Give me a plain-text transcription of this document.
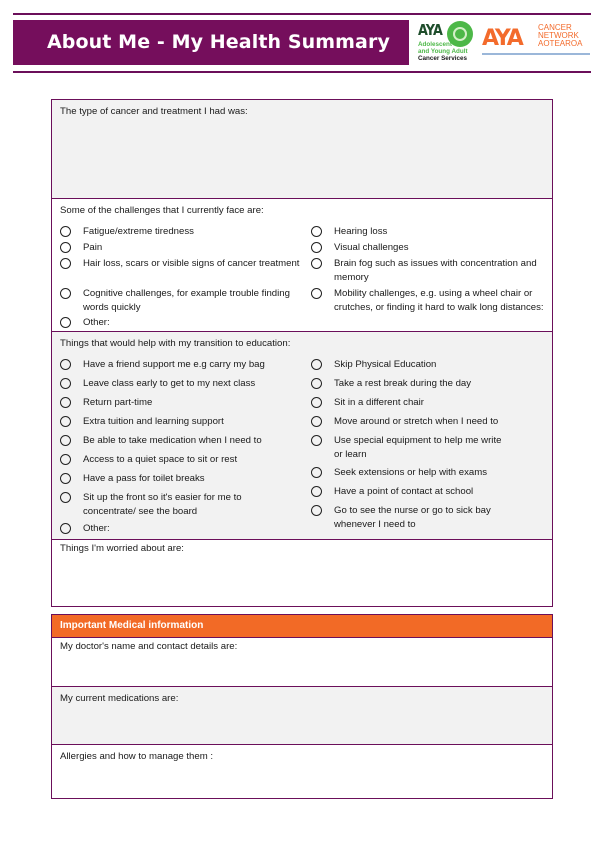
About Me - My Health Summary
AYA
Adolescent
and Young Adult
Cancer Services
AYA CANCER
NETWORK
AOTEAROA
The type of cancer and treatment I had was:
Some of the challenges that I currently face are:
Fatigue/extreme tiredness
Pain
Hair loss, scars or visible signs of cancer treatment
Cognitive challenges, for example trouble finding words quickly
Other:
Hearing loss
Visual challenges
Brain fog such as issues with concentration and memory
Mobility challenges, e.g. using a wheel chair or crutches, or finding it hard to walk long distances:
Things that would help with my transition to education:
Have a friend support me e.g carry my bag
Leave class early to get to my next class
Return part-time
Extra tuition and learning support
Be able to take medication when I need to
Access to a quiet space to sit or rest
Have a pass for toilet breaks
Sit up the front so it's easier for me to concentrate/ see the board
Other:
Skip Physical Education
Take a rest break during the day
Sit in a different chair
Move around or stretch when I need to
Use special equipment to help me write or learn
Seek extensions or help with exams
Have a point of contact at school
Go to see the nurse or go to sick bay whenever I need to
Things I'm worried about are:
Important Medical information
My doctor's name and contact details are:
My current medications are:
Allergies and how to manage them :
